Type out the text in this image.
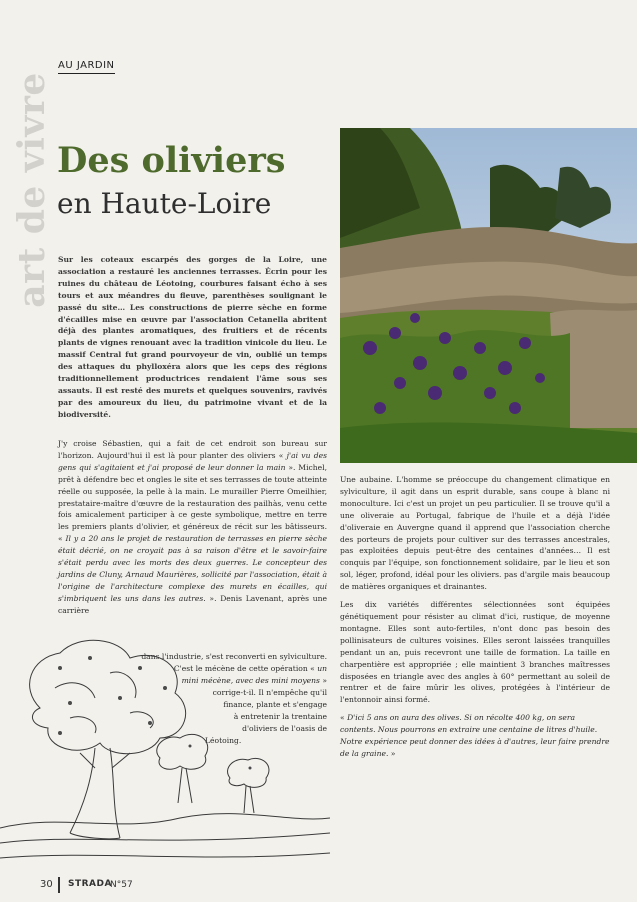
art de vivre
AU JARDIN
Des oliviers
en Haute-Loire

Sur les coteaux escarpés des gorges de la Loire, une association a restauré les anciennes terrasses. Écrin pour les ruines du château de Léotoing, courbures faisant écho à ses tours et aux méandres du fleuve, parenthèses soulignant le passé du site… Les constructions de pierre sèche en forme d'écailles mise en œuvre par l'association Cetanella abritent déjà des plantes aromatiques, des fruitiers et de récents plants de vignes renouant avec la tradition vinicole du lieu. Le massif Central fut grand pourvoyeur de vin, oublié un temps des attaques du phylloxéra alors que les ceps des régions traditionnellement productrices rendaient l'âme sous ses assauts. Il est resté des murets et quelques souvenirs, ravivés par des amoureux du lieu, du patrimoine vivant et de la biodiversité.

J'y croise Sébastien, qui a fait de cet endroit son bureau sur l'horizon. Aujourd'hui il est là pour planter des oliviers « j'ai vu des gens qui s'agitaient et j'ai proposé de leur donner la main ». Michel, prêt à défendre bec et ongles le site et ses terrasses de toute atteinte réelle ou supposée, la pelle à la main. Le murailler Pierre Omeilhier, prestataire-maître d'œuvre de la restauration des pailhàs, venu cette fois amicalement participer à ce geste symbolique, mettre en terre les premiers plants d'olivier, et généreux de récit sur les bâtisseurs. « Il y a 20 ans le projet de restauration de terrasses en pierre sèche était décrié, on ne croyait pas à sa raison d'être et le savoir-faire s'était perdu avec les morts des deux guerres. Le concepteur des jardins de Cluny, Arnaud Maurières, sollicité par l'association, était à l'origine de l'architecture complexe des murets en écailles, qui s'imbriquent les uns dans les autres. ». Denis Lavenant, après une carrière

dans l'industrie, s'est reconverti en sylviculture.

C'est le mécène de cette opération « un

mini mécène, avec des mini moyens »

corrige-t-il. Il n'empêche qu'il

finance, plante et s'engage

à entretenir la trentaine

d'oliviers de l'oasis de

Léotoing.

Une aubaine. L'homme se préoccupe du changement climatique en sylviculture, il agit dans un esprit durable, sans coupe à blanc ni monoculture. Ici c'est un projet un peu particulier. Il se trouve qu'il a une oliveraie au Portugal, fabrique de l'huile et a déjà l'idée d'oliveraie en Auvergne quand il apprend que l'association cherche des porteurs de projets pour cultiver sur des terrasses ancestrales, pas exploitées depuis peut-être des centaines d'années… Il est conquis par l'équipe, son fonctionnement solidaire, par le lieu et son sol, léger, profond, idéal pour les oliviers. pas d'argile mais beaucoup de matières organiques et drainantes.

Les dix variétés différentes sélectionnées sont équipées génétiquement pour résister au climat d'ici, rustique, de moyenne montagne. Elles sont auto-fertiles, n'ont donc pas besoin des pollinisateurs de cultures voisines. Elles seront laissées tranquilles pendant un an, puis recevront une taille de formation. La taille en charpentière est appropriée ; elle maintient 3 branches maîtresses disposées en triangle avec des angles à 60° permettant au soleil de rentrer et de faire mûrir les olives, protégées à l'intérieur de l'entonnoir ainsi formé.

« D'ici 5 ans on aura des olives. Si on récolte 400 kg, on sera contents. Nous pourrons en extraire une centaine de litres d'huile. Notre expérience peut donner des idées à d'autres, leur faire prendre de la graine. »

30 STRADA
N°57
